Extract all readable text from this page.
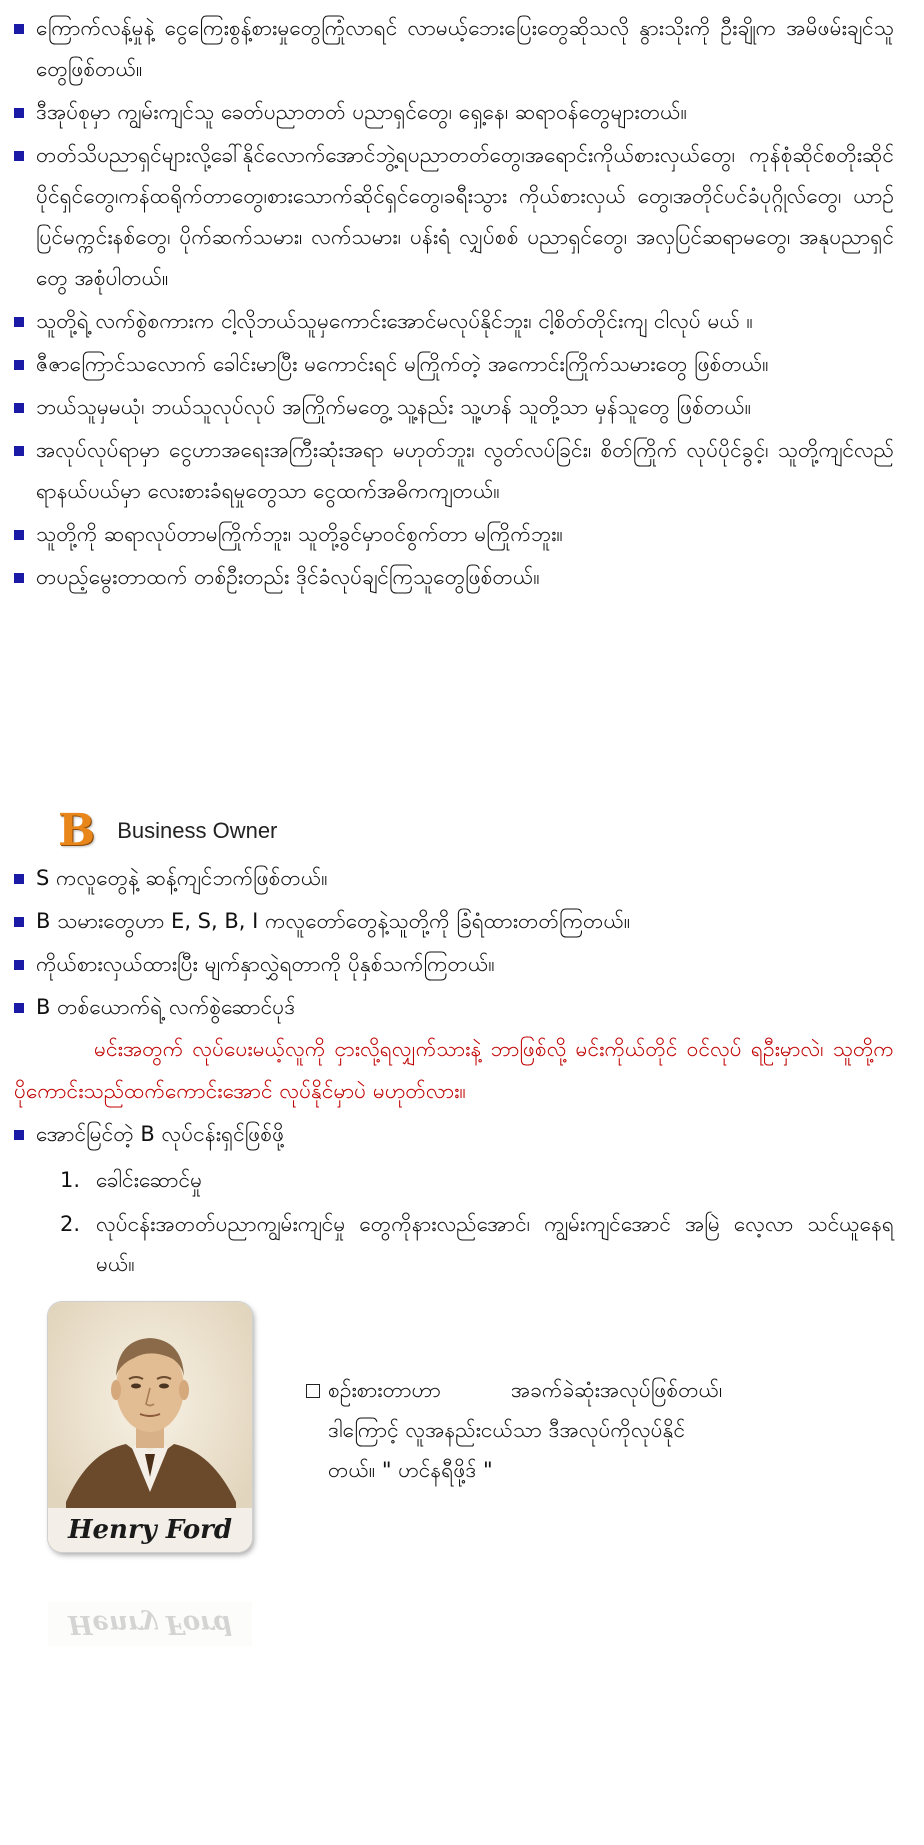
ကြောက်လန့်မှုနဲ့ ငွေကြေးစွန့်စားမှုတွေကြုံလာရင် လာမယ့်ဘေးပြေးတွေဆိုသလို နွားသိုးကို ဦးချိုက အမိဖမ်းချင်သူတွေဖြစ်တယ်။
ဒီအုပ်စုမှာ ကျွမ်းကျင်သူ ခေတ်ပညာတတ် ပညာရှင်တွေ၊ ရှေ့နေ၊ ဆရာဝန်တွေများတယ်။
တတ်သိပညာရှင်များလို့ခေါ်နိုင်လောက်အောင်ဘွဲ့ရပညာတတ်တွေ၊အရောင်းကိုယ်စားလှယ်တွေ၊ ကုန်စုံဆိုင်စတိုးဆိုင်ပိုင်ရှင်တွေ၊ကန်ထရိုက်တာတွေ၊စားသောက်ဆိုင်ရှင်တွေ၊ခရီးသွား ကိုယ်စားလှယ် တွေ၊အတိုင်ပင်ခံပုဂ္ဂိုလ်တွေ၊ ယာဉ်ပြင်မက္ကင်းနစ်တွေ၊ ပိုက်ဆက်သမား၊ လက်သမား၊ ပန်းရံ လျှပ်စစ် ပညာရှင်တွေ၊ အလှပြင်ဆရာမတွေ၊ အနုပညာရှင်တွေ အစုံပါတယ်။
သူတို့ရဲ့ လက်စွဲစကားက ငါ့လိုဘယ်သူမှကောင်းအောင်မလုပ်နိုင်ဘူး၊ ငါ့စိတ်တိုင်းကျ ငါလုပ် မယ် ။
ဇီဇာကြောင်သလောက် ခေါင်းမာပြီး မကောင်းရင် မကြိုက်တဲ့ အကောင်းကြိုက်သမားတွေ ဖြစ်တယ်။
ဘယ်သူမှမယုံ၊ ဘယ်သူလုပ်လုပ် အကြိုက်မတွေ့ သူ့နည်း သူ့ဟန် သူတို့သာ မှန်သူတွေ ဖြစ်တယ်။
အလုပ်လုပ်ရာမှာ ငွေဟာအရေးအကြီးဆုံးအရာ မဟုတ်ဘူး၊ လွတ်လပ်ခြင်း၊ စိတ်ကြိုက် လုပ်ပိုင်ခွင့်၊ သူတို့ကျင်လည်ရာနယ်ပယ်မှာ လေးစားခံရမှုတွေသာ ငွေထက်အဓိကကျတယ်။
သူတို့ကို ဆရာလုပ်တာမကြိုက်ဘူး၊ သူတို့ခွင်မှာဝင်စွက်တာ မကြိုက်ဘူး။
တပည့်မွေးတာထက် တစ်ဦးတည်း ဒိုင်ခံလုပ်ချင်ကြသူတွေဖြစ်တယ်။
B Business Owner
S ကလူတွေနဲ့ ဆန့်ကျင်ဘက်ဖြစ်တယ်။
B သမားတွေဟာ E, S, B, I ကလူတော်တွေနဲ့သူတို့ကို ခြံရံထားတတ်ကြတယ်။
ကိုယ်စားလှယ်ထားပြီး မျက်နှာလွှဲရတာကို ပိုနှစ်သက်ကြတယ်။
B တစ်ယောက်ရဲ့ လက်စွဲဆောင်ပုဒ်
မင်းအတွက် လုပ်ပေးမယ့်လူကို ငှားလို့ရလျှက်သားနဲ့ ဘာဖြစ်လို့ မင်းကိုယ်တိုင် ဝင်လုပ် ရဦးမှာလဲ၊ သူတို့က ပိုကောင်းသည်ထက်ကောင်းအောင် လုပ်နိုင်မှာပဲ မဟုတ်လား။
အောင်မြင်တဲ့ B လုပ်ငန်းရှင်ဖြစ်ဖို့
1. ခေါင်းဆောင်မှု
2. လုပ်ငန်းအတတ်ပညာကျွမ်းကျင်မှု တွေကိုနားလည်အောင်၊ ကျွမ်းကျင်အောင် အမြဲ လေ့လာ သင်ယူနေရမယ်။
Henry Ford
Henry Ford
စဥ်းစားတာဟာ	အခက်ခဲဆုံးအလုပ်ဖြစ်တယ်၊
ဒါကြောင့် လူအနည်းငယ်သာ ဒီအလုပ်ကိုလုပ်နိုင်
တယ်။ " ဟင်နရီဖို့ဒ် "
